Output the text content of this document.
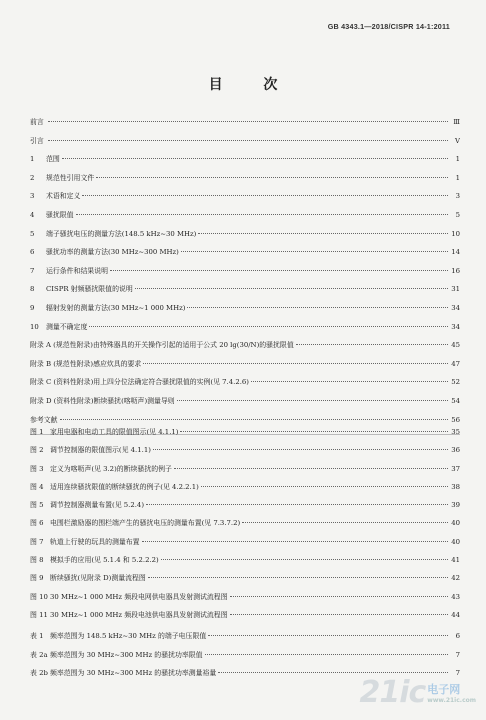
GB 4343.1—2018/CISPR 14-1:2011
目 次
前言	Ⅲ
引言	Ⅴ
1	范围	1
2	规范性引用文件	1
3	术语和定义	3
4	骚扰限值	5
5	端子骚扰电压的测量方法(148.5 kHz~30 MHz)	10
6	骚扰功率的测量方法(30 MHz~300 MHz)	14
7	运行条件和结果说明	16
8	CISPR 射频骚扰限值的说明	31
9	辐射发射的测量方法(30 MHz~1 000 MHz)	34
10	测量不确定度	34
附录 A (规范性附录) 由特殊器具的开关操作引起的适用于公式 20 lg(30/N)的骚扰限值	45
附录 B (规范性附录) 感应炊具的要求	47
附录 C (资料性附录) 用上四分位法确定符合骚扰限值的实例(见 7.4.2.6)	52
附录 D (资料性附录) 断续骚扰(喀呖声)测量导则	54
参考文献	56
图 1 家用电器和电动工具的限值图示(见 4.1.1)	35
图 2 调节控制器的限值图示(见 4.1.1)	36
图 3 定义为喀呖声(见 3.2)的断续骚扰的例子	37
图 4 适用连续骚扰限值的断续骚扰的例子(见 4.2.2.1)	38
图 5 调节控制器测量布置(见 5.2.4)	39
图 6 电围栏激励器的围栏端产生的骚扰电压的测量布置(见 7.3.7.2)	40
图 7 轨道上行驶的玩具的测量布置	40
图 8 模拟手的应用(见 5.1.4 和 5.2.2.2)	41
图 9 断续骚扰(见附录 D)测量流程图	42
图 10 30 MHz~1 000 MHz 频段电网供电器具发射测试流程图	43
图 11 30 MHz~1 000 MHz 频段电池供电器具发射测试流程图	44
表 1 频率范围为 148.5 kHz~30 MHz 的端子电压限值	6
表 2a 频率范围为 30 MHz~300 MHz 的骚扰功率限值	7
表 2b 频率范围为 30 MHz~300 MHz 的骚扰功率测量裕量	7
21ic 电子网
www.21ic.com
